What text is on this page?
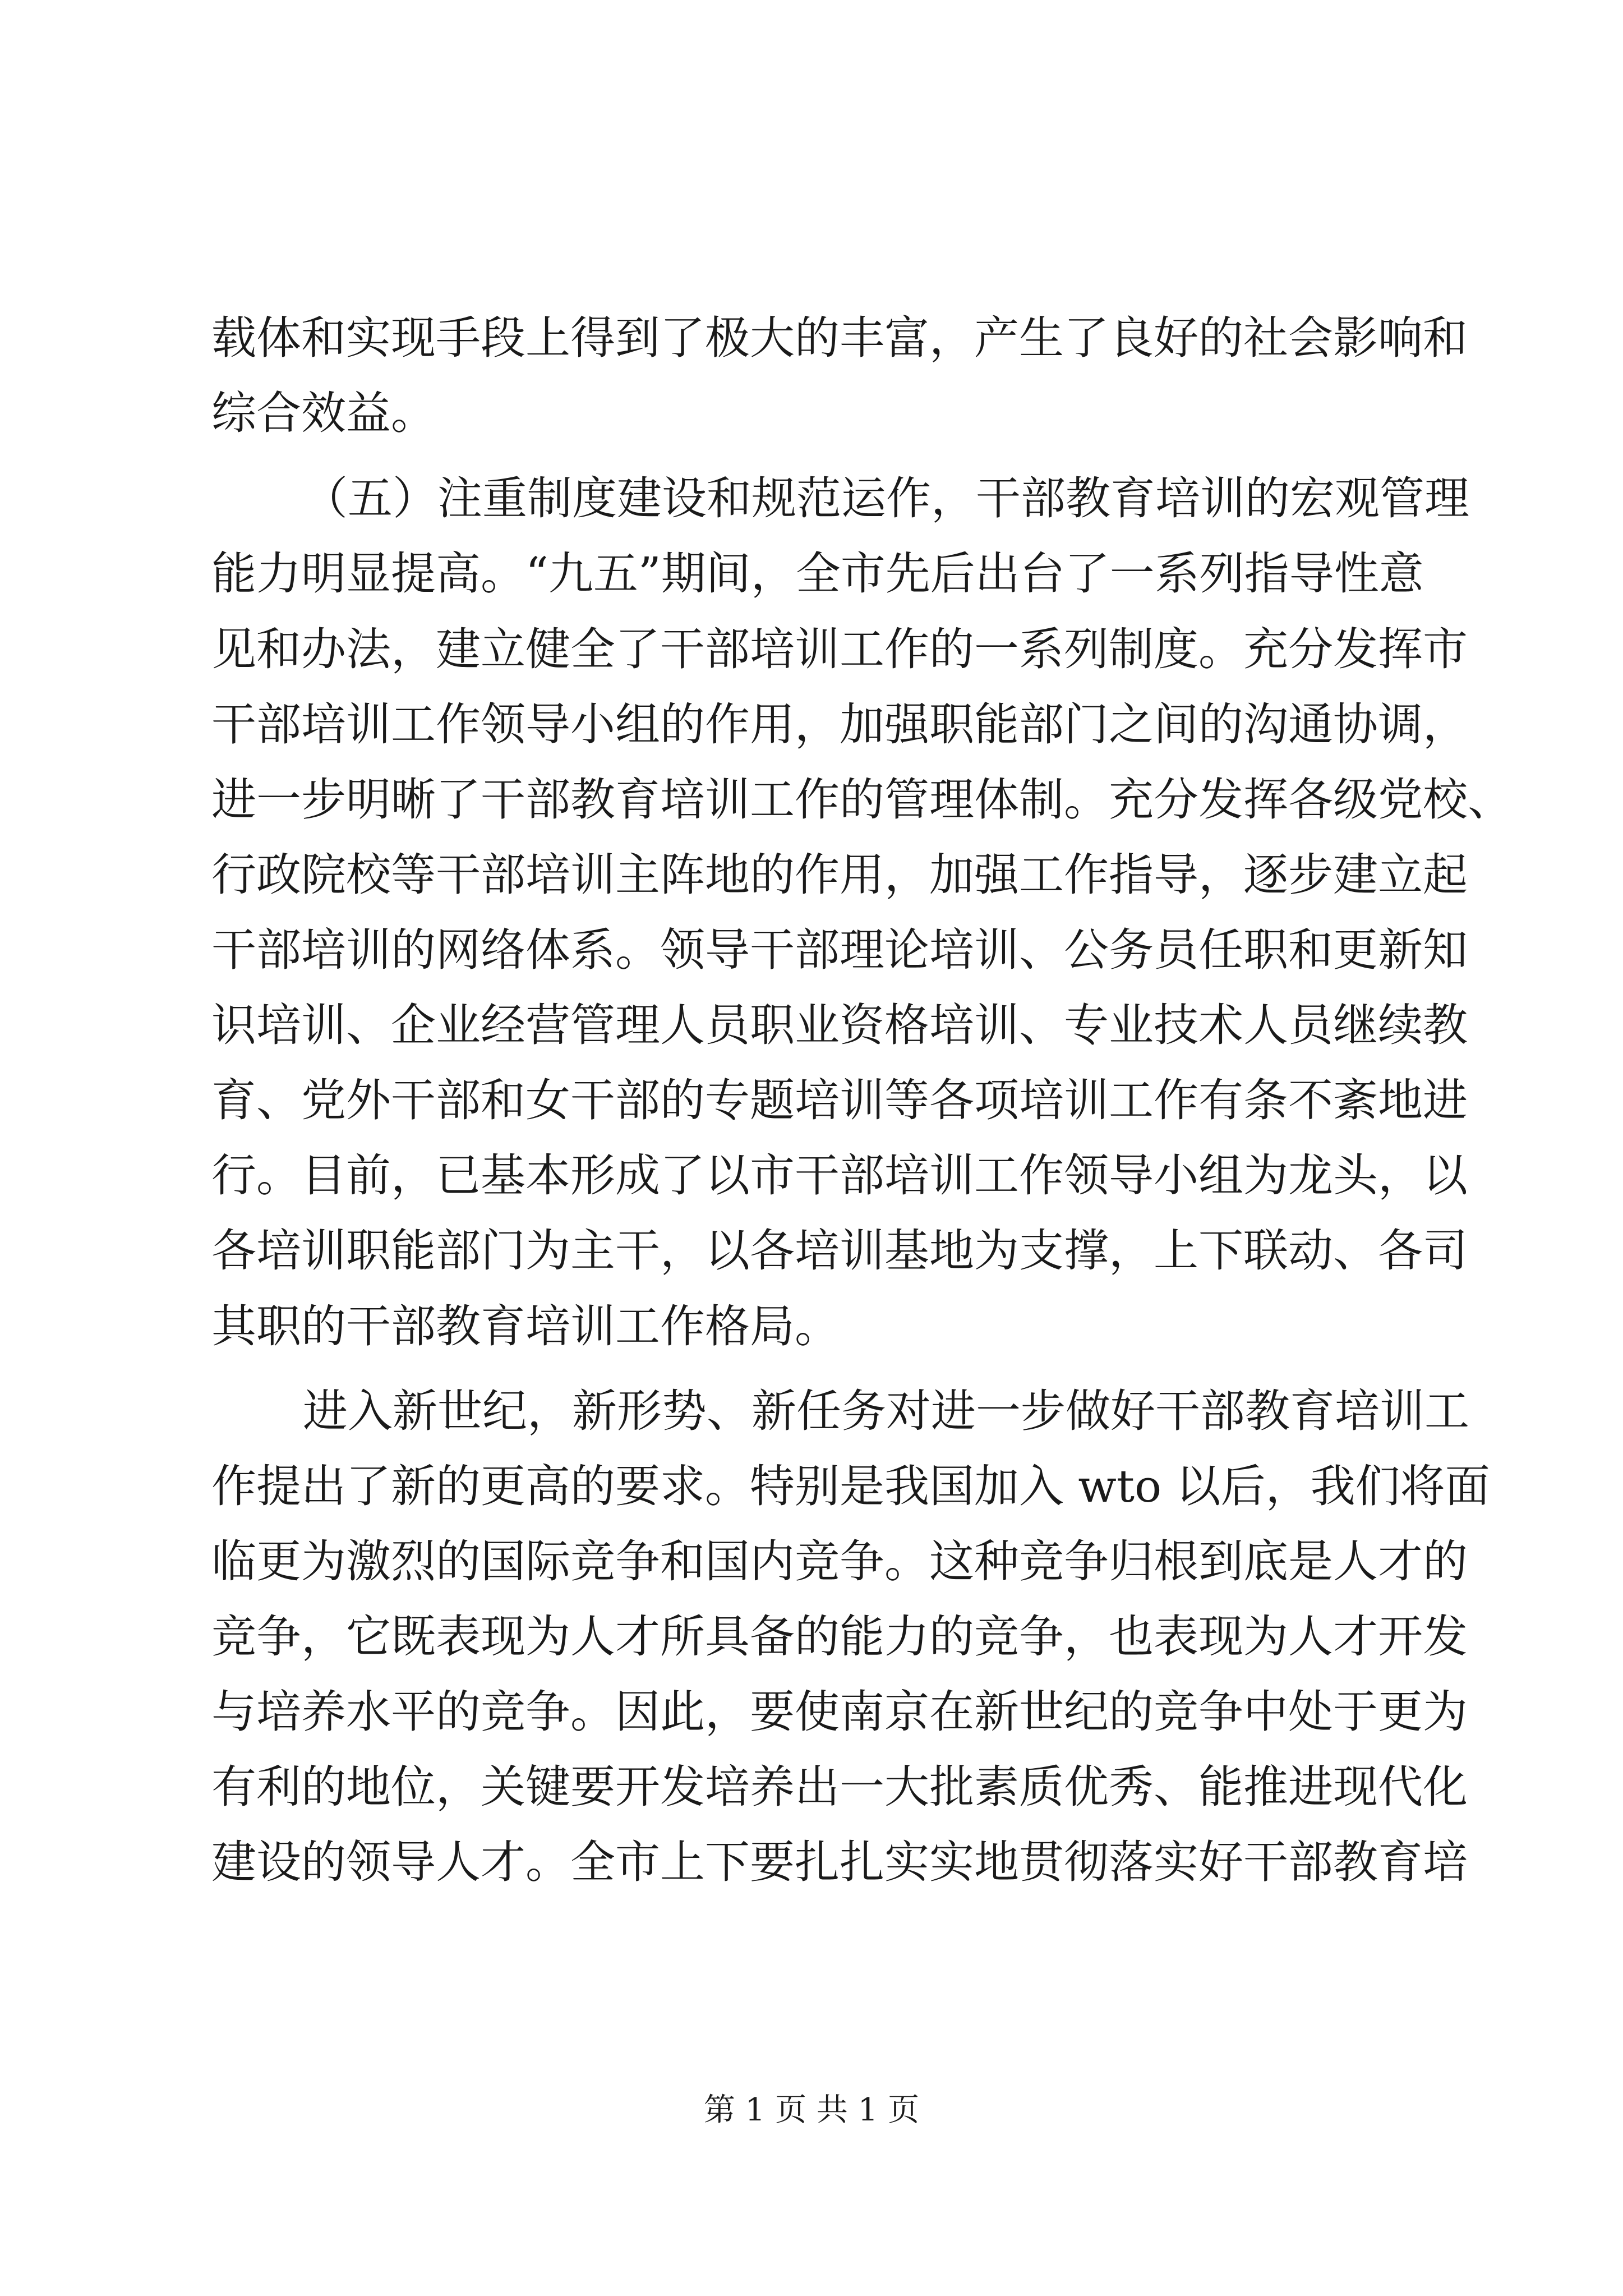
载体和实现手段上得到了极大的丰富，产生了良好的社会影响和

综合效益。

（五）注重制度建设和规范运作，干部教育培训的宏观管理

能力明显提高。“九五”期间，全市先后出台了一系列指导性意

见和办法，建立健全了干部培训工作的一系列制度。充分发挥市

干部培训工作领导小组的作用，加强职能部门之间的沟通协调，

进一步明晰了干部教育培训工作的管理体制。充分发挥各级党校、

行政院校等干部培训主阵地的作用，加强工作指导，逐步建立起

干部培训的网络体系。领导干部理论培训、公务员任职和更新知

识培训、企业经营管理人员职业资格培训、专业技术人员继续教

育、党外干部和女干部的专题培训等各项培训工作有条不紊地进

行。目前，已基本形成了以市干部培训工作领导小组为龙头，以

各培训职能部门为主干，以各培训基地为支撑，上下联动、各司

其职的干部教育培训工作格局。

进入新世纪，新形势、新任务对进一步做好干部教育培训工

作提出了新的更高的要求。特别是我国加入 wto 以后，我们将面

临更为激烈的国际竞争和国内竞争。这种竞争归根到底是人才的

竞争，它既表现为人才所具备的能力的竞争，也表现为人才开发

与培养水平的竞争。因此，要使南京在新世纪的竞争中处于更为

有利的地位，关键要开发培养出一大批素质优秀、能推进现代化

建设的领导人才。全市上下要扎扎实实地贯彻落实好干部教育培

第 1 页 共 1 页
